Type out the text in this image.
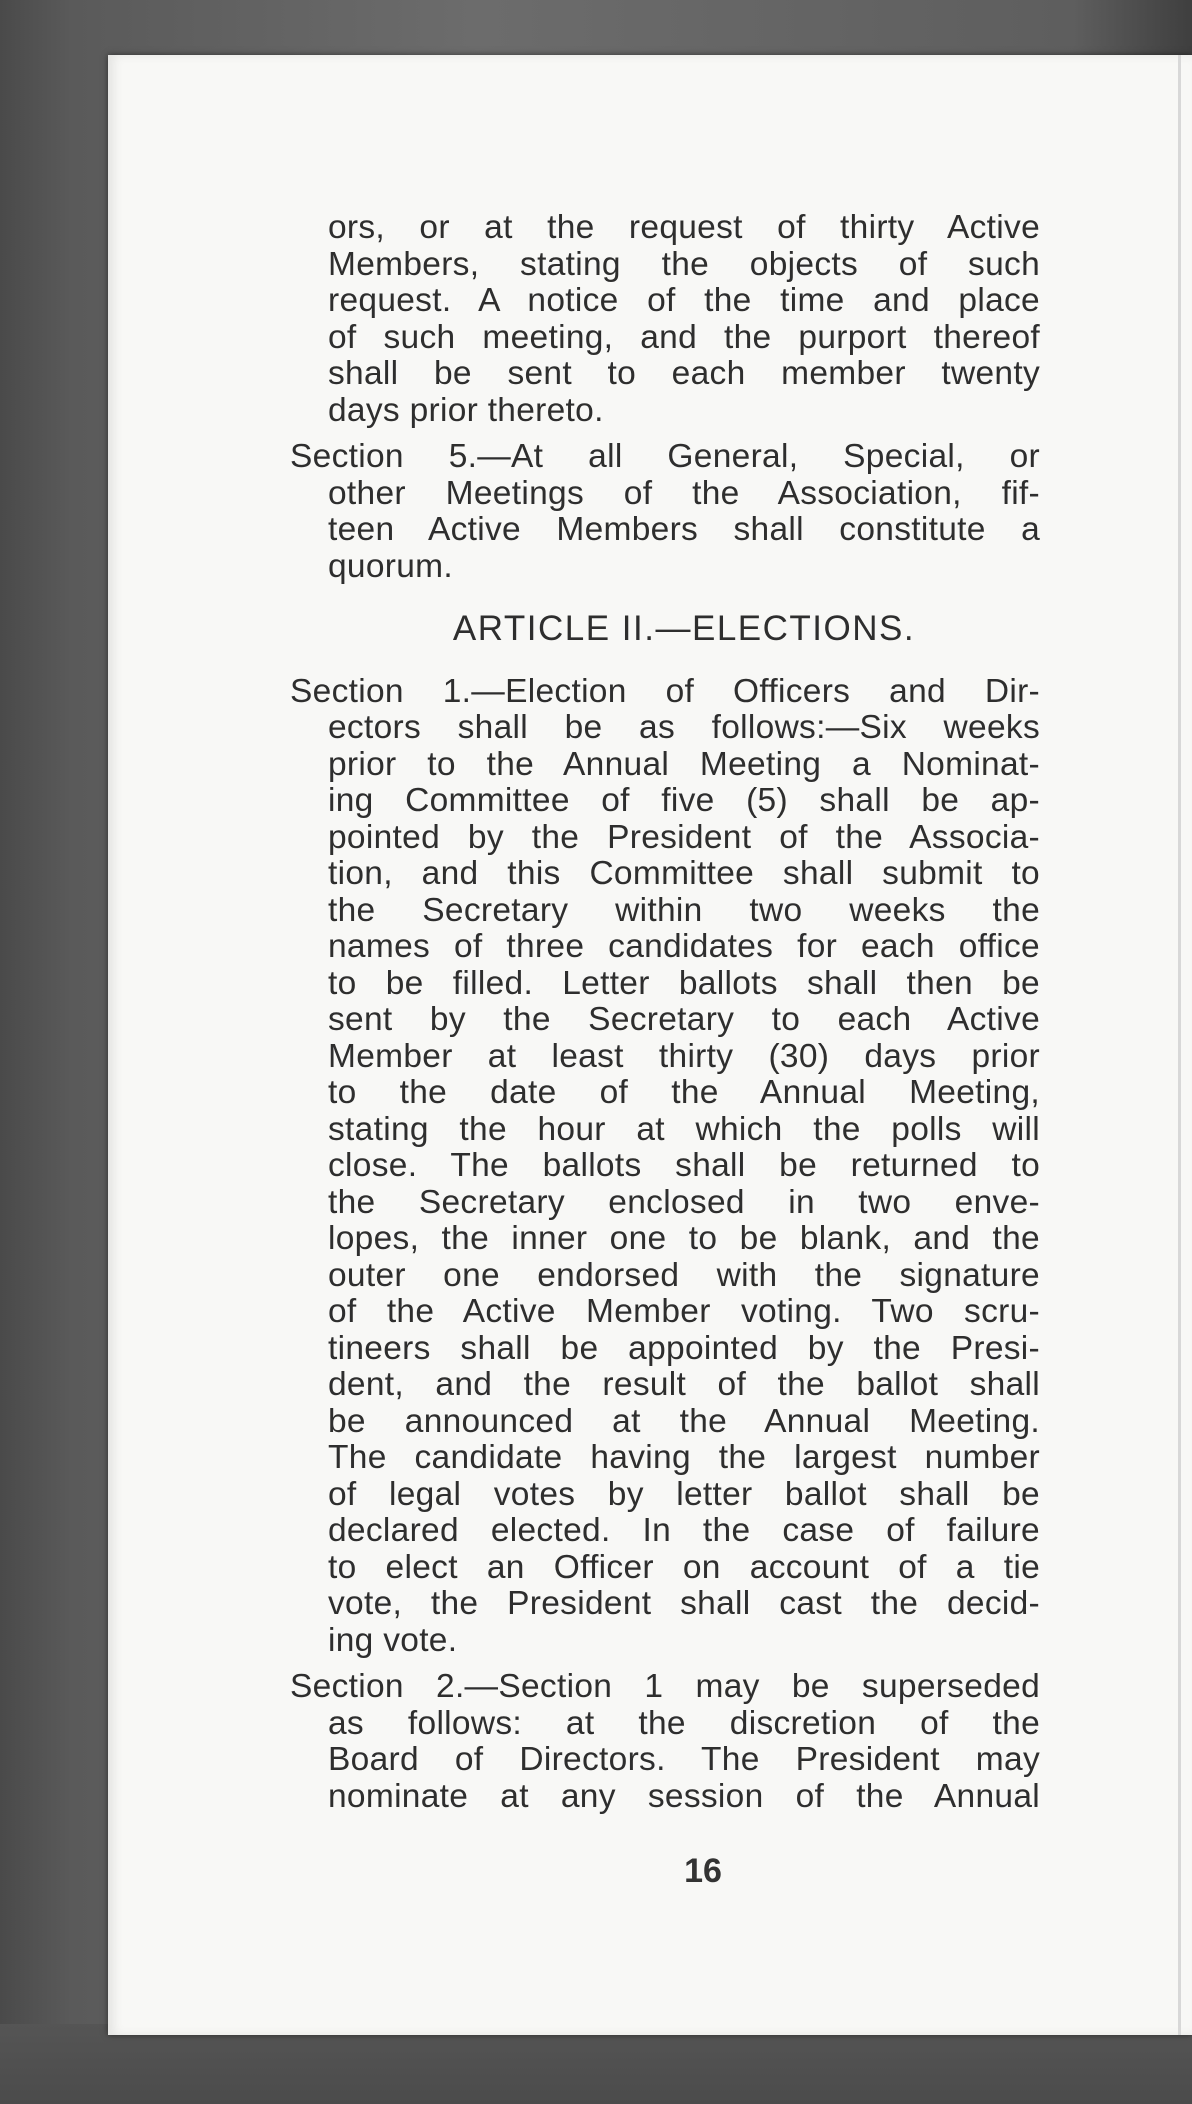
ors, or at the request of thirty Active
Members, stating the objects of such
request. A notice of the time and place
of such meeting, and the purport thereof
shall be sent to each member twenty
days prior thereto.

Section 5.—At all General, Special, or
other Meetings of the Association, fif-
teen Active Members shall constitute a
quorum.

ARTICLE II.—ELECTIONS.

Section 1.—Election of Officers and Dir-
ectors shall be as follows:—Six weeks
prior to the Annual Meeting a Nominat-
ing Committee of five (5) shall be ap-
pointed by the President of the Associa-
tion, and this Committee shall submit to
the Secretary within two weeks the
names of three candidates for each office
to be filled. Letter ballots shall then be
sent by the Secretary to each Active
Member at least thirty (30) days prior
to the date of the Annual Meeting,
stating the hour at which the polls will
close. The ballots shall be returned to
the Secretary enclosed in two enve-
lopes, the inner one to be blank, and the
outer one endorsed with the signature
of the Active Member voting. Two scru-
tineers shall be appointed by the Presi-
dent, and the result of the ballot shall
be announced at the Annual Meeting.
The candidate having the largest number
of legal votes by letter ballot shall be
declared elected. In the case of failure
to elect an Officer on account of a tie
vote, the President shall cast the decid-
ing vote.

Section 2.—Section 1 may be superseded
as follows: at the discretion of the
Board of Directors. The President may
nominate at any session of the Annual

16
